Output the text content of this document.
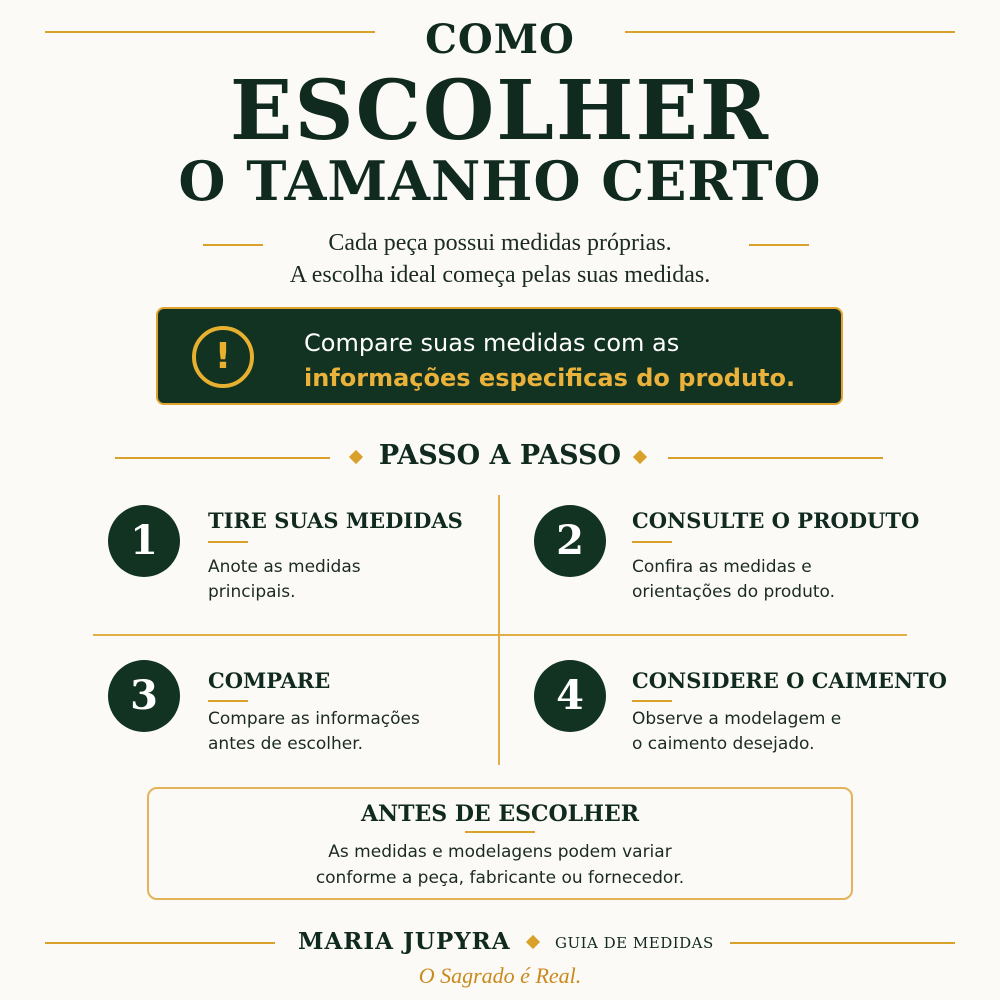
COMO
ESCOLHER
O TAMANHO CERTO
Cada peça possui medidas próprias.
A escolha ideal começa pelas suas medidas.
!	Compare suas medidas com as
informações especificas do produto.
PASSO A PASSO
1	TIRE SUAS MEDIDAS
Anote as medidas
principais.
2	CONSULTE O PRODUTO
Confira as medidas e
orientações do produto.
3	COMPARE
Compare as informações
antes de escolher.
4	CONSIDERE O CAIMENTO
Observe a modelagem e
o caimento desejado.
ANTES DE ESCOLHER
As medidas e modelagens podem variar
conforme a peça, fabricante ou fornecedor.
MARIA JUPYRA	GUIA DE MEDIDAS
O Sagrado é Real.
